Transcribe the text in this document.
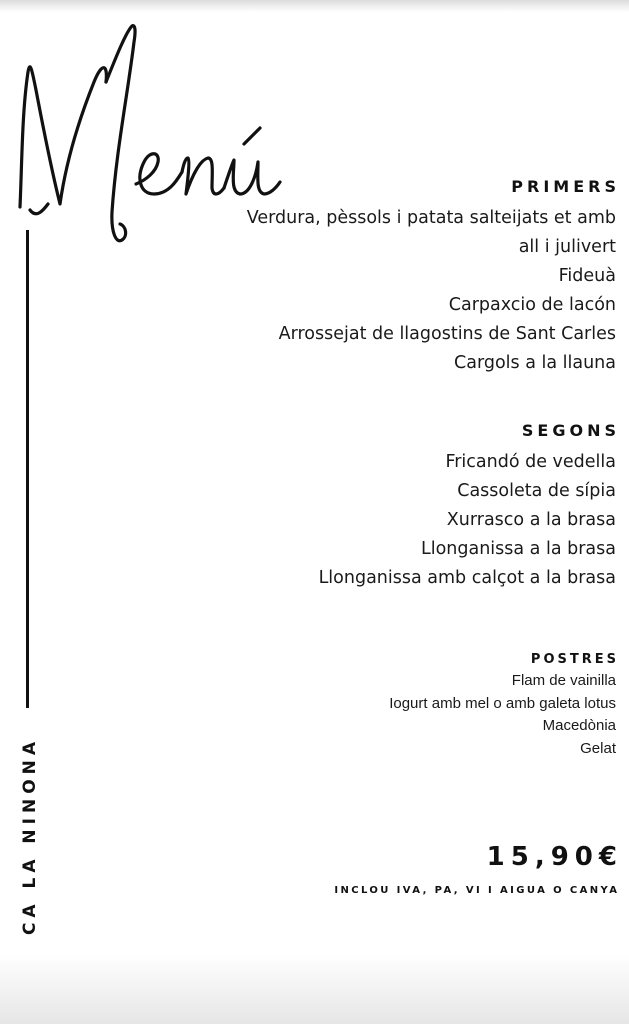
CA LA NINONA
PRIMERS
Verdura, pèssols i patata salteijats et amb
all i julivert
Fideuà
Carpaxcio de lacón
Arrossejat de llagostins de Sant Carles
Cargols a la llauna
SEGONS
Fricandó de vedella
Cassoleta de sípia
Xurrasco a la brasa
Llonganissa a la brasa
Llonganissa amb calçot a la brasa
POSTRES
Flam de vainilla
Iogurt amb mel o amb galeta lotus
Macedònia
Gelat
15,90€
INCLOU IVA, PA, VI I AIGUA O CANYA
